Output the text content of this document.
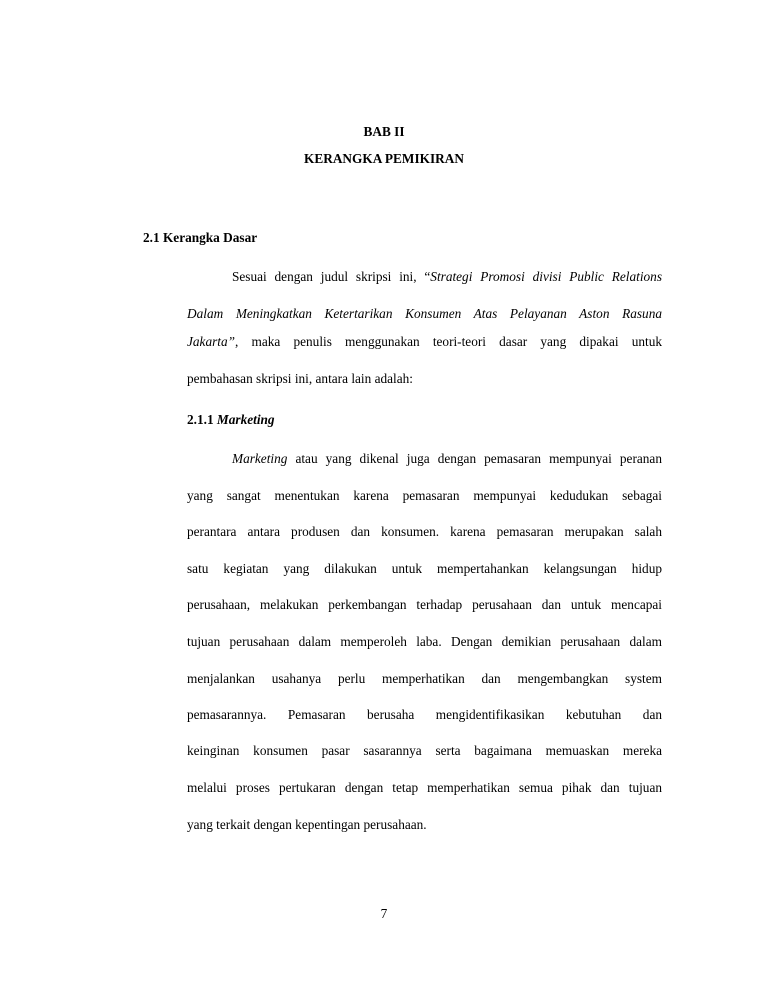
BAB II
KERANGKA PEMIKIRAN
2.1 Kerangka Dasar
Sesuai dengan judul skripsi ini, “Strategi Promosi divisi Public Relations
Dalam Meningkatkan Ketertarikan Konsumen Atas Pelayanan Aston Rasuna
Jakarta”, maka penulis menggunakan teori-teori dasar yang dipakai untuk
pembahasan skripsi ini, antara lain adalah:
2.1.1 Marketing
Marketing atau yang dikenal juga dengan pemasaran mempunyai peranan
yang sangat menentukan karena pemasaran mempunyai kedudukan sebagai
perantara antara produsen dan konsumen. karena pemasaran merupakan salah
satu kegiatan yang dilakukan untuk mempertahankan kelangsungan hidup
perusahaan, melakukan perkembangan terhadap perusahaan dan untuk mencapai
tujuan perusahaan dalam memperoleh laba. Dengan demikian perusahaan dalam
menjalankan usahanya perlu memperhatikan dan mengembangkan system
pemasarannya. Pemasaran berusaha mengidentifikasikan kebutuhan dan
keinginan konsumen pasar sasarannya serta bagaimana memuaskan mereka
melalui proses pertukaran dengan tetap memperhatikan semua pihak dan tujuan
yang terkait dengan kepentingan perusahaan.
7
